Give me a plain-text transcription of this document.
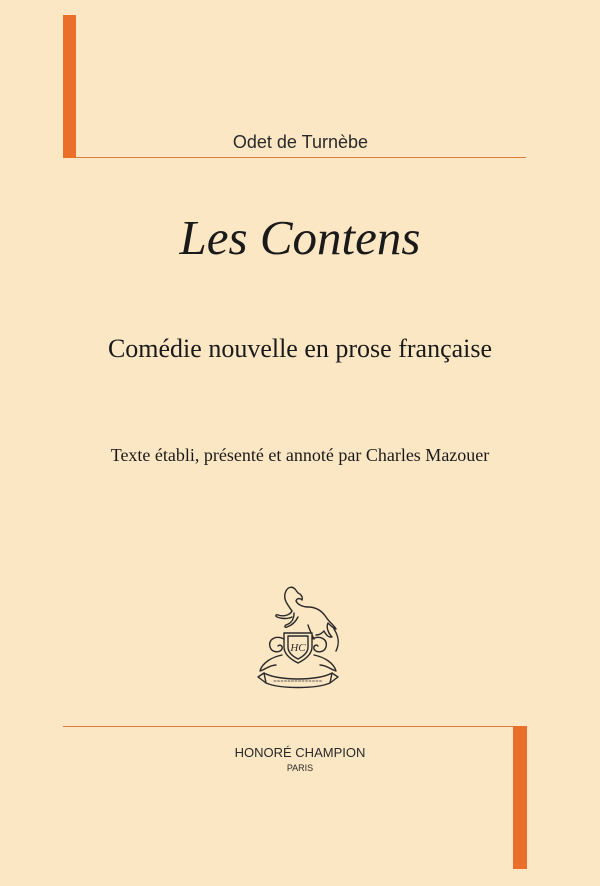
Odet de Turnèbe
Les Contens
Comédie nouvelle en prose française
Texte établi, présenté et annoté par Charles Mazouer
HC
HONORÉ CHAMPION
PARIS
